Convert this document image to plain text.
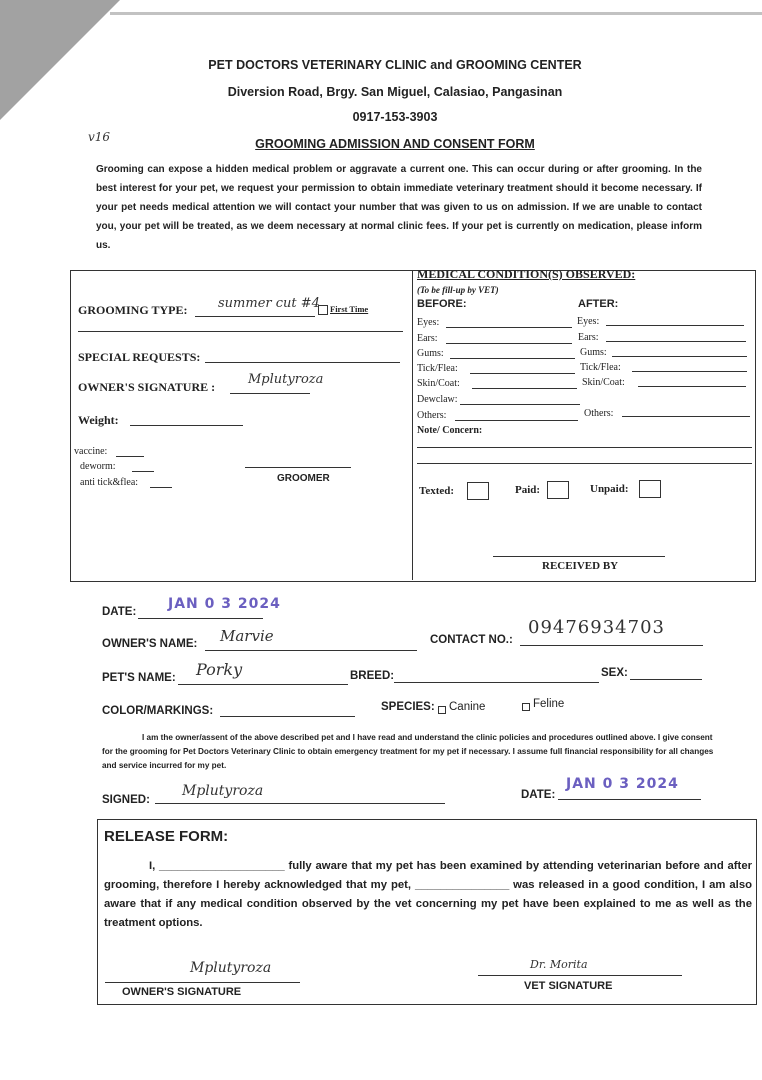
PET DOCTORS VETERINARY CLINIC and GROOMING CENTER
Diversion Road, Brgy. San Miguel, Calasiao, Pangasinan
0917-153-3903
v16	GROOMING ADMISSION AND CONSENT FORM
Grooming can expose a hidden medical problem or aggravate a current one. This can occur during or after grooming. In the best interest for your pet, we request your permission to obtain immediate veterinary treatment should it become necessary. If your pet needs medical attention we will contact your number that was given to us on admission. If we are unable to contact you, your pet will be treated, as we deem necessary at normal clinic fees. If your pet is currently on medication, please inform us.
GROOMING TYPE: summer cut #4 First Time
SPECIAL REQUESTS:
OWNER'S SIGNATURE :	Mplutyroza
Weight:
vaccine:
deworm:
anti tick&flea:	GROOMER
MEDICAL CONDITION(S) OBSERVED:
(To be fill-up by VET)
BEFORE:	AFTER:
Eyes:	Eyes:
Ears:	Ears:
Gums:	Gums:
Tick/Flea:	Tick/Flea:
Skin/Coat:	Skin/Coat:
Dewclaw:
Others:	Others:
Note/ Concern:
Texted:	Paid:	Unpaid:
RECEIVED BY
DATE: JAN 0 3 2024
OWNER'S NAME: Marvie	CONTACT NO.:
09476934703
PET'S NAME: Porky	BREED:	SEX:
COLOR/MARKINGS:	SPECIES: Canine	Feline
I am the owner/assent of the above described pet and I have read and understand the clinic policies and procedures outlined above. I give consent for the grooming for Pet Doctors Veterinary Clinic to obtain emergency treatment for my pet if necessary. I assume full financial responsibility for all changes and service incurred for my pet.
SIGNED:
Mplutyroza	DATE:
JAN 0 3 2024
RELEASE FORM:
I, ____________________ fully aware that my pet has been examined by attending veterinarian before and after grooming, therefore I hereby acknowledged that my pet, _______________ was released in a good condition, I am also aware that if any medical condition observed by the vet concerning my pet have been explained to me as well as the treatment options.
Mplutyroza
OWNER'S SIGNATURE
Dr. Morita
VET SIGNATURE
